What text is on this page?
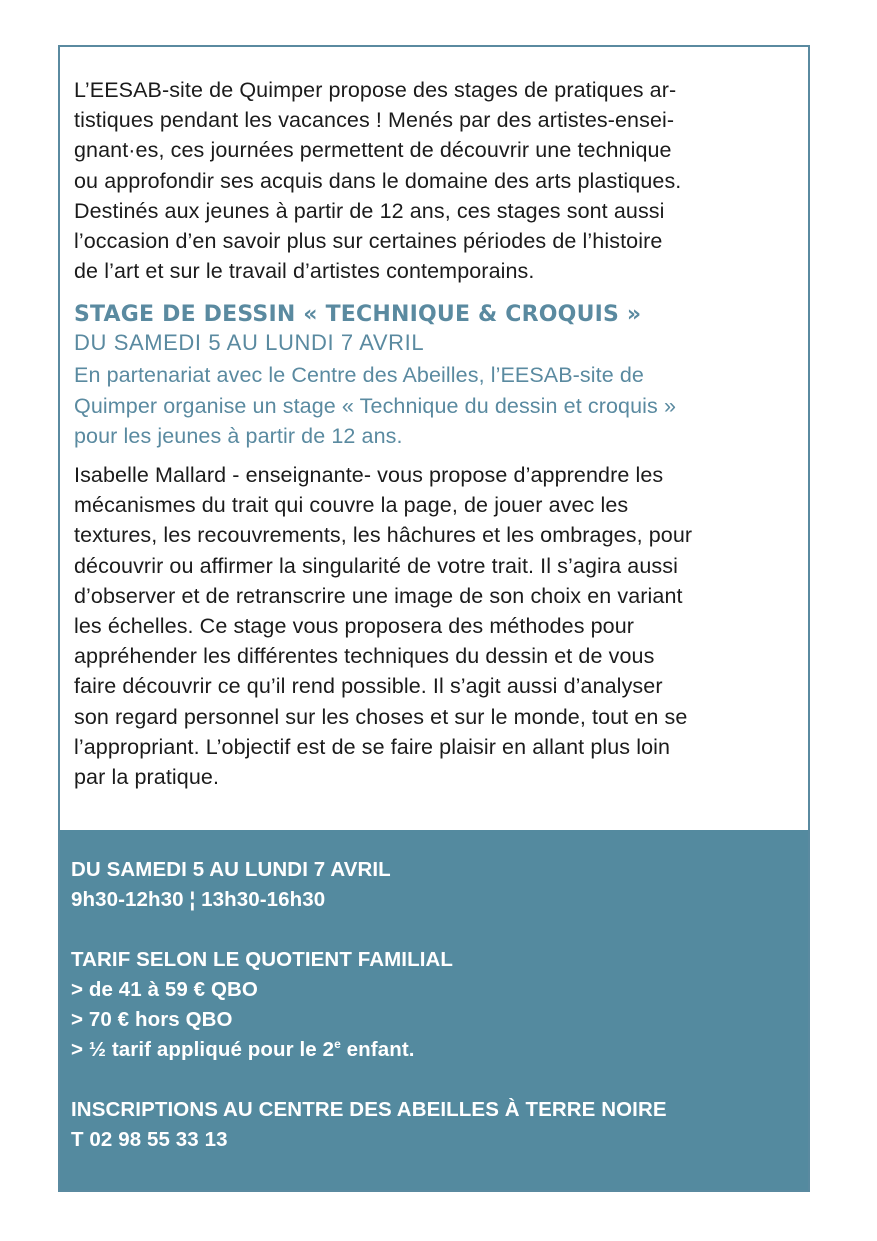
L’EESAB-site de Quimper propose des stages de pratiques ar-
tistiques pendant les vacances ! Menés par des artistes-ensei-
gnant·es, ces journées permettent de découvrir une technique
ou approfondir ses acquis dans le domaine des arts plastiques.
Destinés aux jeunes à partir de 12 ans, ces stages sont aussi
l’occasion d’en savoir plus sur certaines périodes de l’histoire
de l’art et sur le travail d’artistes contemporains.

STAGE DE DESSIN « TECHNIQUE & CROQUIS »
DU SAMEDI 5 AU LUNDI 7 AVRIL

En partenariat avec le Centre des Abeilles, l’EESAB-site de
Quimper organise un stage « Technique du dessin et croquis »
pour les jeunes à partir de 12 ans.

Isabelle Mallard - enseignante- vous propose d’apprendre les
mécanismes du trait qui couvre la page, de jouer avec les
textures, les recouvrements, les hâchures et les ombrages, pour
découvrir ou affirmer la singularité de votre trait. Il s’agira aussi
d’observer et de retranscrire une image de son choix en variant
les échelles. Ce stage vous proposera des méthodes pour
appréhender les différentes techniques du dessin et de vous
faire découvrir ce qu’il rend possible. Il s’agit aussi d’analyser
son regard personnel sur les choses et sur le monde, tout en se
l’appropriant. L’objectif est de se faire plaisir en allant plus loin
par la pratique.

DU SAMEDI 5 AU LUNDI 7 AVRIL
9h30-12h30 ¦ 13h30-16h30
TARIF SELON LE QUOTIENT FAMILIAL
> de 41 à 59 € QBO
> 70 € hors QBO
> ½ tarif appliqué pour le 2e enfant.
INSCRIPTIONS AU CENTRE DES ABEILLES À TERRE NOIRE
T 02 98 55 33 13
